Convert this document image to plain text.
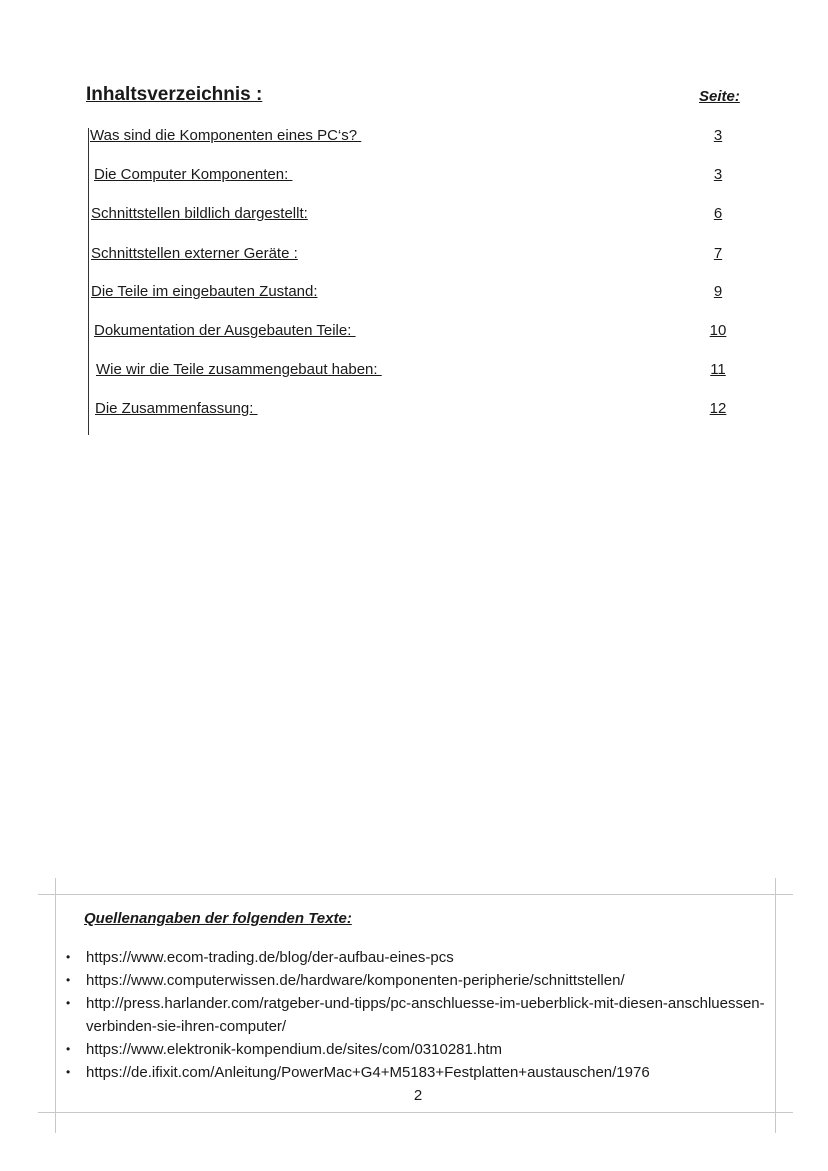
Inhaltsverzeichnis :	Seite:
Was sind die Komponenten eines PC‘s?	3
Die Computer Komponenten:	3
Schnittstellen bildlich dargestellt:	6
Schnittstellen externer Geräte :	7
Die Teile im eingebauten Zustand:	9
Dokumentation der Ausgebauten Teile:	10
Wie wir die Teile zusammengebaut haben:	11
Die Zusammenfassung:	12
Quellenangaben der folgenden Texte:
• https://www.ecom-trading.de/blog/der-aufbau-eines-pcs
• https://www.computerwissen.de/hardware/komponenten-peripherie/schnittstellen/
• http://press.harlander.com/ratgeber-und-tipps/pc-anschluesse-im-ueberblick-mit-diesen-anschluessen-verbinden-sie-ihren-computer/
• https://www.elektronik-kompendium.de/sites/com/0310281.htm
• https://de.ifixit.com/Anleitung/PowerMac+G4+M5183+Festplatten+austauschen/1976
2
